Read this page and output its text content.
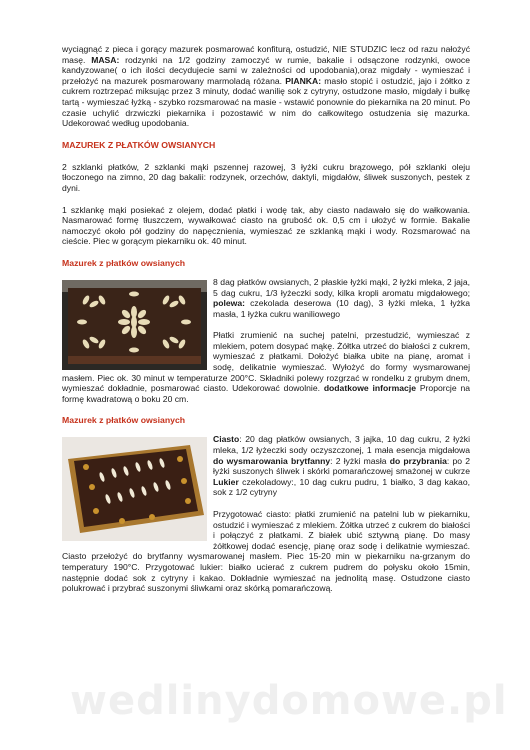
wyciągnąć z pieca i gorący mazurek posmarować konfiturą, ostudzić, NIE STUDZIC lecz od razu nałożyć masę. MASA: rodzynki na 1/2 godziny zamoczyć w rumie, bakalie i odsączone rodzynki, owoce kandyzowane( o ich ilości decydujecie sami w zależności od upodobania),oraz migdały - wymieszać i przełożyć na mazurek posmarowany marmoladą różana. PIANKA: masło stopić i ostudzić, jajo i żółtko z cukrem roztrzepać miksując przez 3 minuty, dodać wanilię sok z cytryny, ostudzone masło, migdały i bułkę tartą - wymieszać łyżką - szybko rozsmarować na masie - wstawić ponownie do piekarnika na 20 minut. Po czasie uchylić drzwiczki piekarnika i pozostawić w nim do całkowitego ostudzenia się mazurka. Udekorować według upodobania.

MAZUREK Z PŁATKÓW OWSIANYCH

2 szklanki płatków, 2 szklanki mąki pszennej razowej, 3 łyżki cukru brązowego, pół szklanki oleju tłoczonego na zimno, 20 dag bakalii: rodzynek, orzechów, daktyli, migdałów, śliwek suszonych, pestek z dyni.

1 szklankę mąki posiekać z olejem, dodać płatki i wodę tak, aby ciasto nadawało się do wałkowania. Nasmarować formę tłuszczem, wywałkować ciasto na grubość ok. 0,5 cm i ułożyć w formie. Bakalie namoczyć około pół godziny do napęcznienia, wymieszać ze szklanką mąki i wody. Rozsmarować na cieście. Piec w gorącym piekarniku ok. 40 minut.

Mazurek z płatków owsianych

8 dag płatków owsianych, 2 płaskie łyżki mąki, 2 łyżki mleka, 2 jaja, 5 dag cukru, 1/3 łyżeczki sody, kilka kropli aromatu migdałowego; polewa: czekolada deserowa (10 dag), 3 łyżki mleka, 1 łyżka masła, 1 łyżka cukru waniliowego

Płatki zrumienić na suchej patelni, przestudzić, wymieszać z mlekiem, potem dosypać mąkę. Żółtka utrzeć do białości z cukrem, wymieszać z płatkami. Dołożyć białka ubite na pianę, aromat i sodę, delikatnie wymieszać. Wyłożyć do formy wysmarowanej masłem. Piec ok. 30 minut w temperaturze 200°C. Składniki polewy rozgrzać w rondelku z grubym dnem, wymieszać dokładnie, posmarować ciasto. Udekorować dowolnie. dodatkowe informacje Proporcje na formę kwadratową o boku 20 cm.

Mazurek z płatków owsianych

Ciasto: 20 dag płatków owsianych, 3 jajka, 10 dag cukru, 2 łyżki mleka, 1/2 łyżeczki sody oczyszczonej, 1 mała esencja migdałowa do wysmarowania brytfanny: 2 łyżki masła do przybrania: po 2 łyżki suszonych śliwek i skórki pomarańczowej smażonej w cukrze Lukier czekoladowy:, 10 dag cukru pudru, 1 białko, 3 dag kakao, sok z 1/2 cytryny

Przygotować ciasto: płatki zrumienić na patelni lub w piekarniku, ostudzić i wymieszać z mlekiem. Żółtka utrzeć z cukrem do białości i połączyć z płatkami. Z białek ubić sztywną pianę. Do masy żółtkowej dodać esencję, pianę oraz sodę i delikatnie wymieszać. Ciasto przełożyć do brytfanny wysmarowanej masłem. Piec 15-20 min w piekarniku na-grzanym do temperatury 190°C. Przygotować lukier: białko ucierać z cukrem pudrem do połysku około 15min, następnie dodać sok z cytryny i kakao. Dokładnie wymieszać na jednolitą masę. Ostudzone ciasto polukrować i przybrać suszonymi śliwkami oraz skórką pomarańczową.

wedlinydomowe.pl
